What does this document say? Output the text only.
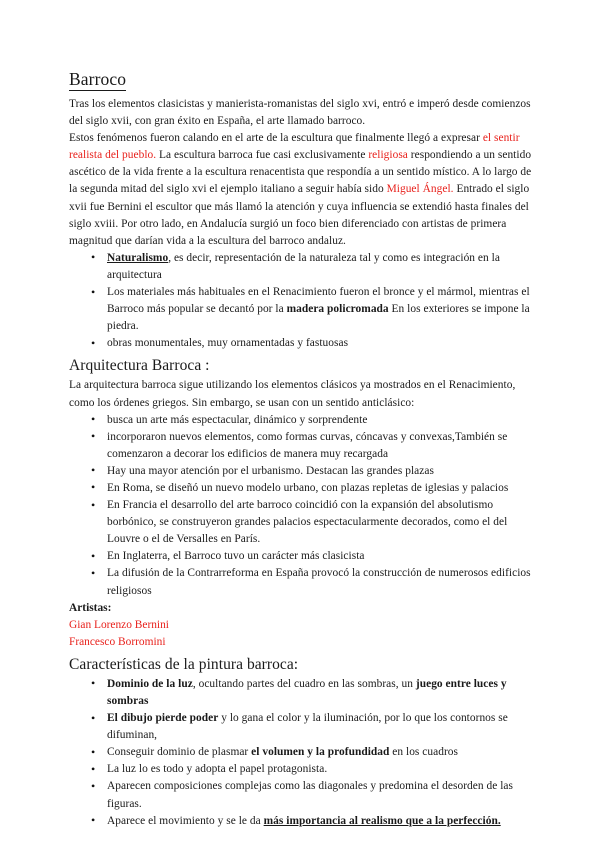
Barroco

Tras los elementos clasicistas y manierista-romanistas del siglo xvi, entró e imperó desde comienzos del siglo xvii, con gran éxito en España, el arte llamado barroco.

Estos fenómenos fueron calando en el arte de la escultura que finalmente llegó a expresar el sentir realista del pueblo. La escultura barroca fue casi exclusivamente religiosa respondiendo a un sentido ascético de la vida frente a la escultura renacentista que respondía a un sentido místico. A lo largo de la segunda mitad del siglo xvi el ejemplo italiano a seguir había sido Miguel Ángel. Entrado el siglo xvii fue Bernini el escultor que más llamó la atención y cuya influencia se extendió hasta finales del siglo xviii. Por otro lado, en Andalucía surgió un foco bien diferenciado con artistas de primera magnitud que darían vida a la escultura del barroco andaluz.

• Naturalismo, es decir, representación de la naturaleza tal y como es integración en la arquitectura
• Los materiales más habituales en el Renacimiento fueron el bronce y el mármol, mientras el Barroco más popular se decantó por la madera policromada En los exteriores se impone la piedra.
• obras monumentales, muy ornamentadas y fastuosas
Arquitectura Barroca :

La arquitectura barroca sigue utilizando los elementos clásicos ya mostrados en el Renacimiento, como los órdenes griegos. Sin embargo, se usan con un sentido anticlásico:

• busca un arte más espectacular, dinámico y sorprendente
• incorporaron nuevos elementos, como formas curvas, cóncavas y convexas,También se comenzaron a decorar los edificios de manera muy recargada
• Hay una mayor atención por el urbanismo. Destacan las grandes plazas
• En Roma, se diseñó un nuevo modelo urbano, con plazas repletas de iglesias y palacios
• En Francia el desarrollo del arte barroco coincidió con la expansión del absolutismo borbónico, se construyeron grandes palacios espectacularmente decorados, como el del Louvre o el de Versalles en París.
• En Inglaterra, el Barroco tuvo un carácter más clasicista
• La difusión de la Contrarreforma en España provocó la construcción de numerosos edificios religiosos

Artistas:

Gian Lorenzo Bernini

Francesco Borromini

Características de la pintura barroca:
• Dominio de la luz, ocultando partes del cuadro en las sombras, un juego entre luces y sombras
• El dibujo pierde poder y lo gana el color y la iluminación, por lo que los contornos se difuminan,
• Conseguir dominio de plasmar el volumen y la profundidad en los cuadros
• La luz lo es todo y adopta el papel protagonista.
• Aparecen composiciones complejas como las diagonales y predomina el desorden de las figuras.
• Aparece el movimiento y se le da más importancia al realismo que a la perfección.
